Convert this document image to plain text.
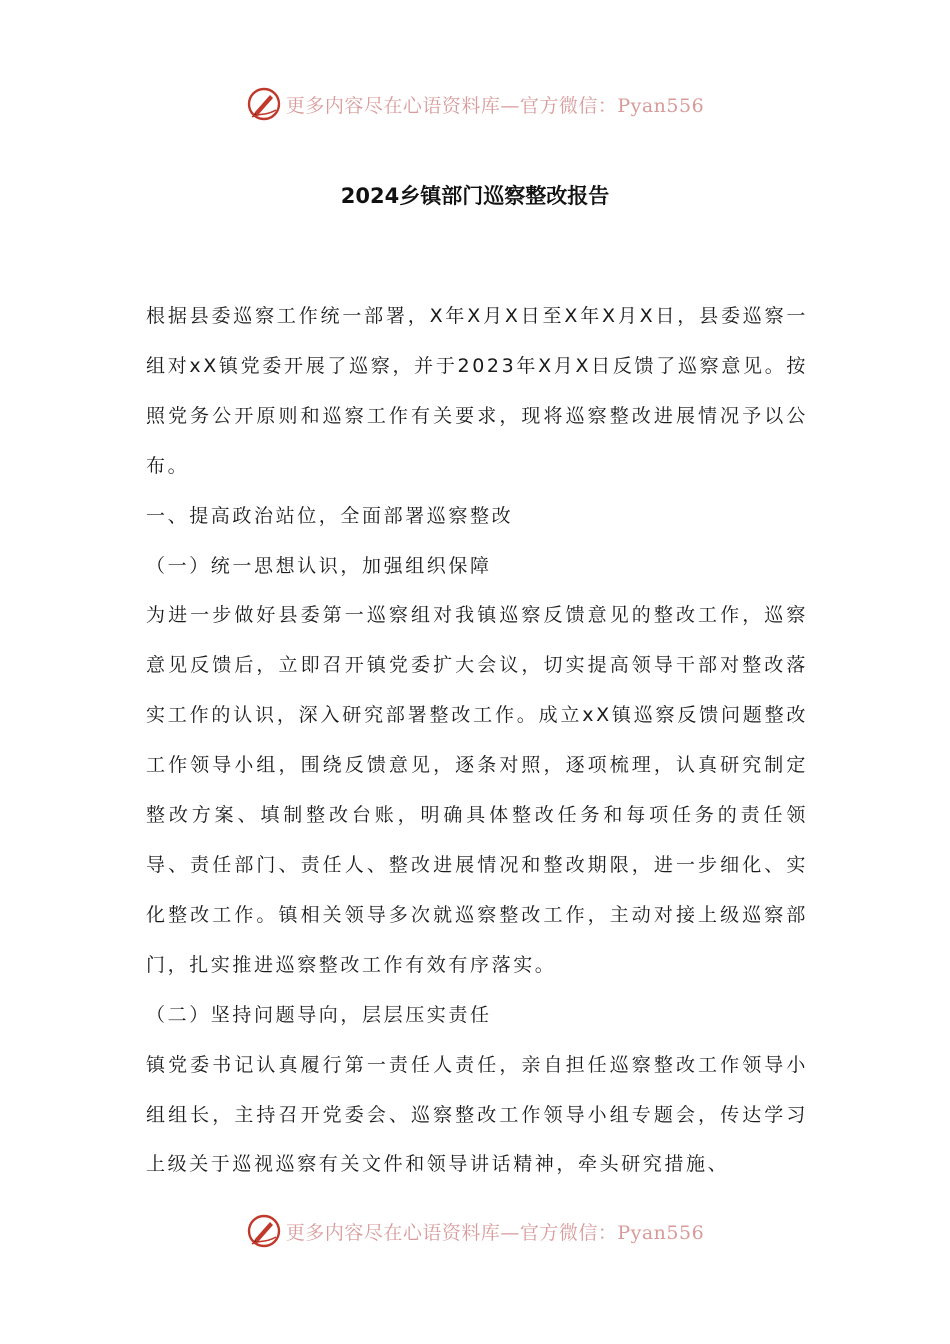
更多内容尽在心语资料库—官方微信：Pyan556
2024乡镇部门巡察整改报告

根据县委巡察工作统一部署，X年X月X日至X年X月X日，县委巡察一组对xX镇党委开展了巡察，并于2023年X月X日反馈了巡察意见。按照党务公开原则和巡察工作有关要求，现将巡察整改进展情况予以公布。

一、提高政治站位，全面部署巡察整改

（一）统一思想认识，加强组织保障

为进一步做好县委第一巡察组对我镇巡察反馈意见的整改工作，巡察意见反馈后，立即召开镇党委扩大会议，切实提高领导干部对整改落实工作的认识，深入研究部署整改工作。成立xX镇巡察反馈问题整改工作领导小组，围绕反馈意见，逐条对照，逐项梳理，认真研究制定整改方案、填制整改台账，明确具体整改任务和每项任务的责任领导、责任部门、责任人、整改进展情况和整改期限，进一步细化、实化整改工作。镇相关领导多次就巡察整改工作，主动对接上级巡察部门，扎实推进巡察整改工作有效有序落实。

（二）坚持问题导向，层层压实责任

镇党委书记认真履行第一责任人责任，亲自担任巡察整改工作领导小组组长，主持召开党委会、巡察整改工作领导小组专题会，传达学习上级关于巡视巡察有关文件和领导讲话精神，牵头研究措施、

更多内容尽在心语资料库—官方微信：Pyan556
